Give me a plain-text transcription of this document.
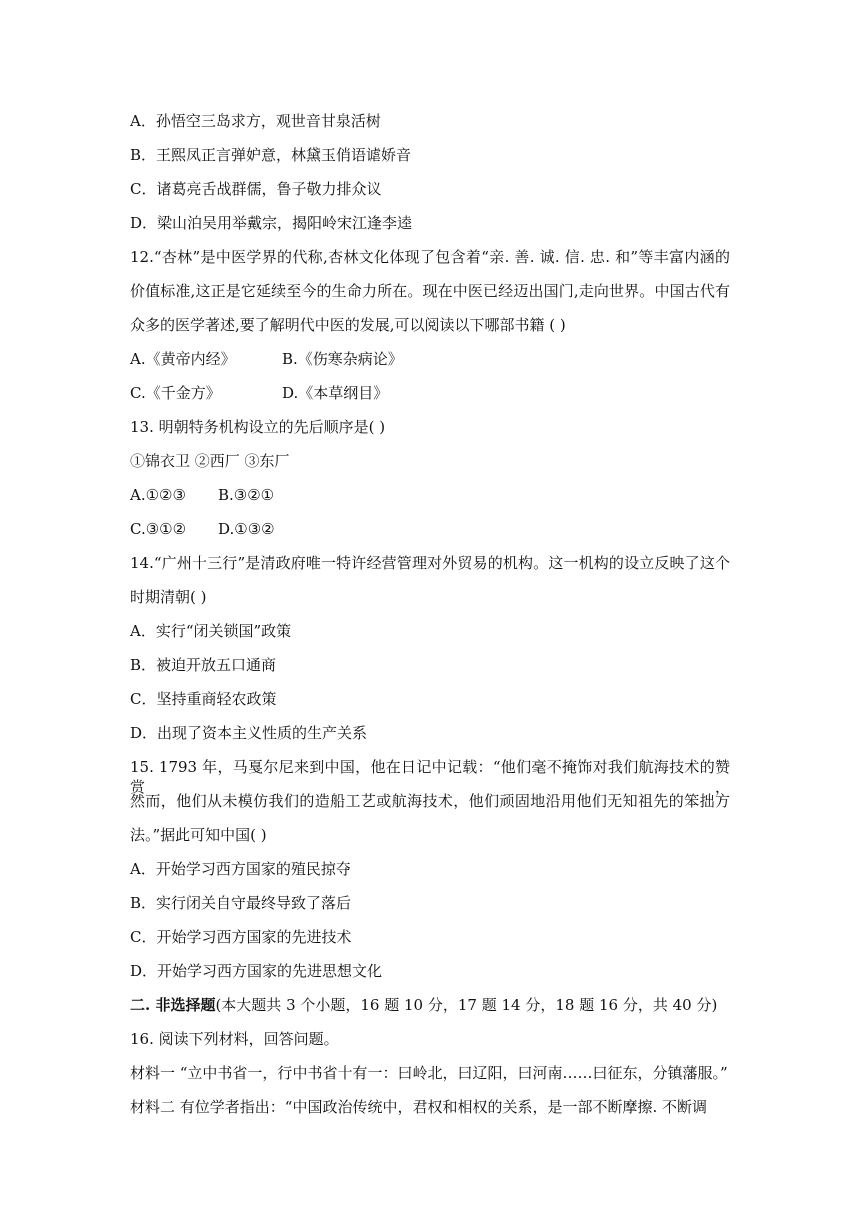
A．孙悟空三岛求方，观世音甘泉活树
B．王熙凤正言弹妒意，林黛玉俏语谑娇音
C．诸葛亮舌战群儒，鲁子敬力排众议
D．梁山泊吴用举戴宗，揭阳岭宋江逢李逵
12.“杏林”是中医学界的代称,杏林文化体现了包含着“亲. 善. 诚. 信. 忠. 和”等丰富内涵的
价值标准,这正是它延续至今的生命力所在。现在中医已经迈出国门,走向世界。中国古代有
众多的医学著述,要了解明代中医的发展,可以阅读以下哪部书籍 ( )
A.《黄帝内经》	B.《伤寒杂病论》
C.《千金方》	D.《本草纲目》
13. 明朝特务机构设立的先后顺序是( )
①锦衣卫 ②西厂 ③东厂
A.①②③ B.③②①
C.③①② D.①③②
14.“广州十三行”是清政府唯一特许经营管理对外贸易的机构。这一机构的设立反映了这个
时期清朝( )
A．实行“闭关锁国”政策
B．被迫开放五口通商
C．坚持重商轻农政策
D．出现了资本主义性质的生产关系
15. 1793 年，马戛尔尼来到中国，他在日记中记载：“他们毫不掩饰对我们航海技术的赞赏，
然而，他们从未模仿我们的造船工艺或航海技术，他们顽固地沿用他们无知祖先的笨拙方
法。”据此可知中国( )
A．开始学习西方国家的殖民掠夺
B．实行闭关自守最终导致了落后
C．开始学习西方国家的先进技术
D．开始学习西方国家的先进思想文化
二. 非选择题(本大题共 3 个小题，16 题 10 分，17 题 14 分，18 题 16 分，共 40 分)
16. 阅读下列材料，回答问题。
材料一 “立中书省一，行中书省十有一：曰岭北，曰辽阳，曰河南……曰征东，分镇藩服。”
材料二 有位学者指出：“中国政治传统中，君权和相权的关系，是一部不断摩擦. 不断调
